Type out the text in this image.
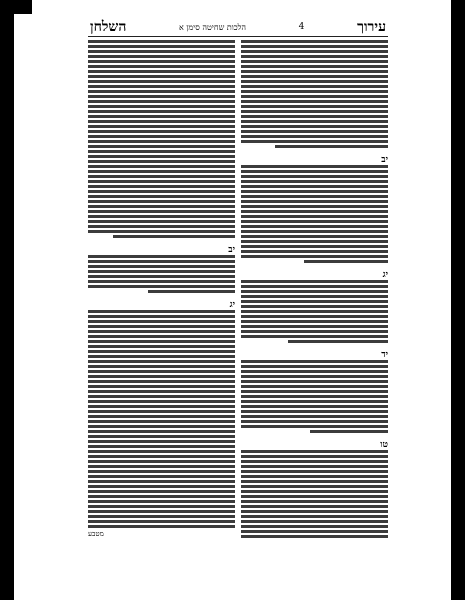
עירוך
4
הלכות שחיטה סימן א
השלחן
יב
יג
יד
טו
יב
יג
מטבע
